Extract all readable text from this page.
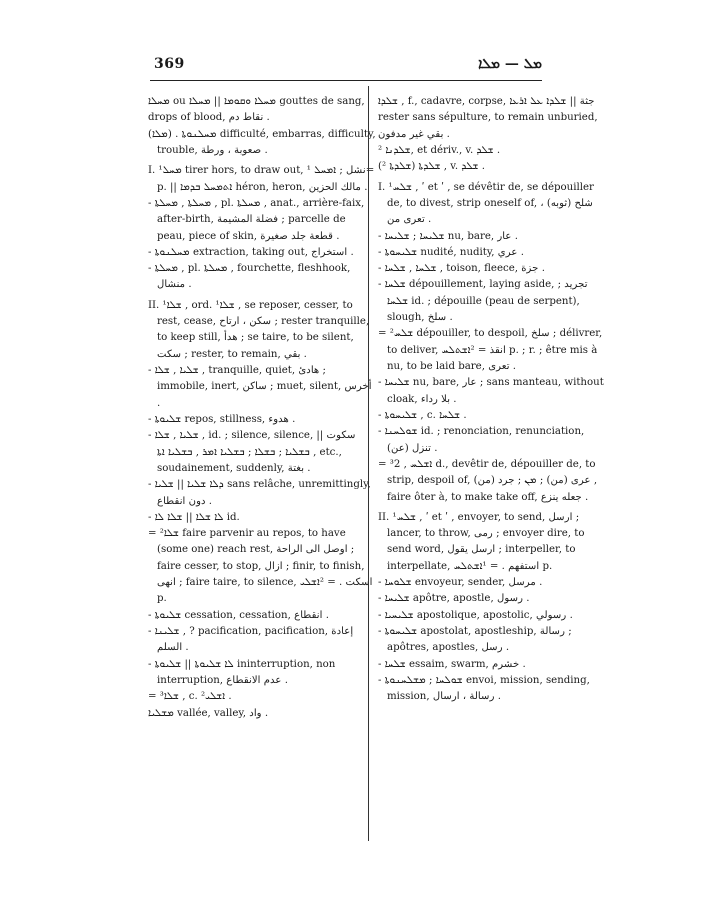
369	ܡܠ — ܡܠܐ

ܡܚܠܐ ou ܡܚܠܐ ܘܩܘܡܐ || ܡܚܠܐ gouttes de sang, drops of blood, نقاط دم .

(ܡܠܐ) . ܡܚܠܢܘܬܐ difficulté, embarras, difficulty, trouble, صعوبة ، ورطة .

I. ¹ܡܚܠ tirer hors, to draw out, نشل ; ܐܡܚܠ ¹= p. || ܐܬܡܚܠ ܒܕܡܐ héron, heron, مالك الحزين .

- ܡܚܠܬܐ , ܡܚܠܬܐ , pl. ܡܚܠܬܐ , anat., arrière-faix, after-birth, فضلة المشيمة ; parcelle de peau, piece of skin, قطعة جلد صغيرة .

- ܡܚܠܢܘܬܐ extraction, taking out, استخراج .

- ܡܚܠܬܐ , pl. ܡܚܠܬܐ , fourchette, fleshhook, منشال .

II. ¹ܫܠܐ , ord. ¹ܫܠܐ , se reposer, cesser, to rest, cease, سكن ، ارتاح ; rester tranquille, to keep still, هدأ ; se taire, to be silent, سكت ; rester, to remain, بقي .

- ܫܠܝܐ , ܫܠܐ , tranquille, quiet, هادئ ; immobile, inert, ساكن ; muet, silent, أخرس .

- ܫܠܝܘܬܐ repos, stillness, هدوء .

- ܫܠܝܐ , ܫܠܐ , id. ; silence, silence, سكوت || ܒܫܠܝܐ ; ܒܫܠܐ ; ܒܫܠܝܐ ܐܡܪ , ܒܫܠܝܐ ܐܬܐ , etc., soudainement, suddenly, بغتة .

- ܕܠܐ ܫܠܝܐ || ܫܠܝܐ sans relâche, unremittingly, دون انقطاع .

- ܠܐ ܫܠܐ || ܫܠܐ ܠܐ id.

= ²ܫܠܐ faire parvenir au repos, to have (some one) reach rest, اوصل الى الراحة ; faire cesser, to stop, ازال ; finir, to finish, انهى ; faire taire, to silence, اسكت . = ²ܐܫܠܝ p.

- ܫܠܝܘܬܐ cessation, cessation, انقطاع .

- ܫܠܝܢܐ , ? pacification, pacification, إعادة السلم .

- ܠܐ ܫܠܝܘܬܐ || ܫܠܝܘܬܐ ininterruption, non interruption, عدم الانقطاع .

= ³ܫܠܐ , c. ²ܐܫܠܝ .

ܡܫܠܝܐ vallée, valley, واد .

ܫܠܕܐ , f., cadavre, corpse, جثة || ܫܠܕܐ ܥܠ ܐܪܥܐ rester sans sépulture, to remain unburied, بقي غير مدفون .

ܫܠܕܢܐ ², et dériv., v. ܫܠܕ .

(ܫܠܕܬܐ ²) ܫܠܕܬܐ , v. ܫܠܕ .

I. ¹ܫܠܚ , ʹ et ʹ , se dévêtir de, se dépouiller de, to divest, strip oneself of, شلح (ثوبه) ، تعرى من .

- ܫܠܝܚܐ ; ܫܠܝܚܐ nu, bare, عار .

- ܫܠܝܚܘܬܐ nudité, nudity, عري .

- ܫܠܚܐ , ܫܠܚܐ , toison, fleece, جزة .

- ܫܠܚܐ dépouillement, laying aside, تجريد ; ܫܠܚܐ id. ; dépouille (peau de serpent), slough, سلخ .

= ²ܫܠܚ dépouiller, to despoil, سلخ ; délivrer, to deliver, انقذ = ²ܐܫܬܠܚ p. ; r. ; être mis à nu, to be laid bare, تعرى .

- ܫܠܝܚܐ nu, bare, عار ; sans manteau, without cloak, بلا رداء .

- ܫܠܝܚܘܬܐ , c. ܫܠܚܐ .

- ܫܘܠܚܢܐ id. ; renonciation, renunciation, تنزل (عن) .

= ³ܐܫܠܚ , 2 d., devêtir de, dépouiller de, to strip, despoil of, عرى (من) ; ܡܢ ; جرد (من) , faire ôter à, to make take off, جعله ينزع .

II. ¹ܫܠܚ , ʹ et ʹ , envoyer, to send, ارسل ; lancer, to throw, رمى ; envoyer dire, to send word, ارسل يقول ; interpeller, to interpellate, استفهم . = ¹ܐܫܬܠܚ p.

- ܫܠܘܚܐ envoyeur, sender, مرسل .

- ܫܠܝܚܐ apôtre, apostle, رسول .

- ܫܠܝܚܝܐ apostolique, apostolic, رسولي .

- ܫܠܝܚܘܬܐ apostolat, apostleship, رسالة ; apôtres, apostles, رسل .

- ܫܠܚܐ essaim, swarm, خشرم .

- ܫܘܠܚܐ ; ܡܫܠܚܢܘܬܐ envoi, mission, sending, mission, رسالة ، ارسال .
